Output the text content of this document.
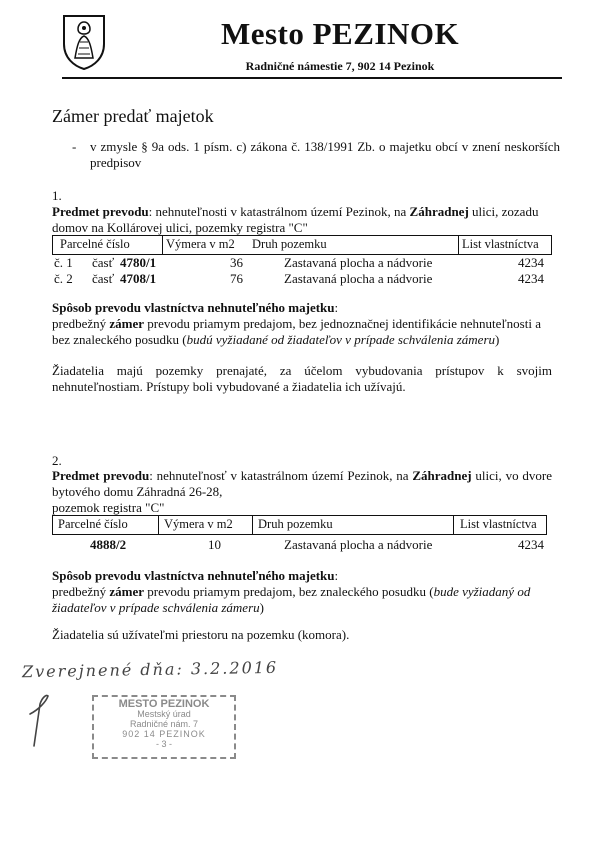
Mesto PEZINOK
Radničné námestie 7, 902 14 Pezinok
Zámer predať majetok
- v zmysle § 9a ods. 1 písm. c) zákona č. 138/1991 Zb. o majetku obcí v znení neskorších predpisov
1.
Predmet prevodu: nehnuteľnosti v katastrálnom území Pezinok, na Záhradnej ulici, zozadu domov na Kollárovej ulici, pozemky registra "C"
Parcelné číslo	Výmera v m2 Druh pozemku	List vlastníctva
č. 1 časť 4780/1	36	Zastavaná plocha a nádvorie	4234
č. 2 časť 4708/1	76	Zastavaná plocha a nádvorie	4234
Spôsob prevodu vlastníctva nehnuteľného majetku:
predbežný zámer prevodu priamym predajom, bez jednoznačnej identifikácie nehnuteľnosti a bez znaleckého posudku (budú vyžiadané od žiadateľov v prípade schválenia zámeru)
Žiadatelia majú pozemky prenajaté, za účelom vybudovania prístupov k svojim nehnuteľnostiam. Prístupy boli vybudované a žiadatelia ich užívajú.
2.
Predmet prevodu: nehnuteľnosť v katastrálnom území Pezinok, na Záhradnej ulici, vo dvore bytového domu Záhradná 26-28,
pozemok registra "C"
Parcelné číslo	Výmera v m2 Druh pozemku	List vlastníctva
4888/2	10	Zastavaná plocha a nádvorie	4234
Spôsob prevodu vlastníctva nehnuteľného majetku:
predbežný zámer prevodu priamym predajom, bez znaleckého posudku (bude vyžiadaný od žiadateľov v prípade schválenia zámeru)
Žiadatelia sú užívateľmi priestoru na pozemku (komora).
Zverejnené dňa: 3.2.2016
MESTO PEZINOK
Mestský úrad
Radničné nám. 7
902 14 PEZINOK
- 3 -
